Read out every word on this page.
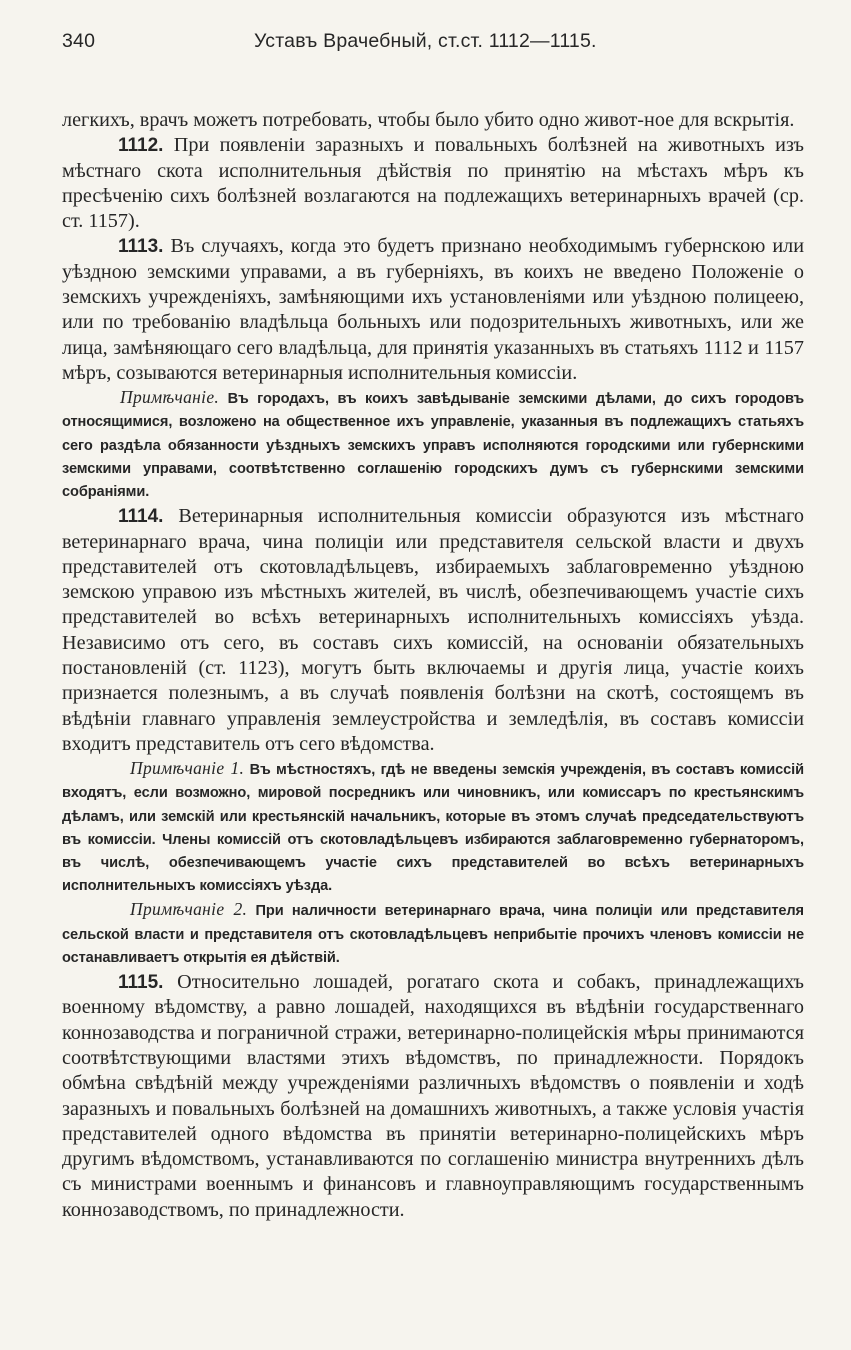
340	Уставъ Врачебный, ст.ст. 1112—1115.

легкихъ, врачъ можетъ потребовать, чтобы было убито одно живот-ное для вскрытія.

1112. При появленіи заразныхъ и повальныхъ болѣзней на животныхъ изъ мѣстнаго скота исполнительныя дѣйствія по принятію на мѣстахъ мѣръ къ пресѣченію сихъ болѣзней возлагаются на подлежащихъ ветеринарныхъ врачей (ср. ст. 1157).

1113. Въ случаяхъ, когда это будетъ признано необходимымъ губернскою или уѣздною земскими управами, а въ губерніяхъ, въ коихъ не введено Положеніе о земскихъ учрежденіяхъ, замѣняющими ихъ установленіями или уѣздною полицеею, или по требованію владѣльца больныхъ или подозрительныхъ животныхъ, или же лица, замѣняющаго сего владѣльца, для принятія указанныхъ въ статьяхъ 1112 и 1157 мѣръ, созываются ветеринарныя исполнительныя комиссіи.

Примѣчаніе. Въ городахъ, въ коихъ завѣдываніе земскими дѣлами, до сихъ городовъ относящимися, возложено на общественное ихъ управленіе, указанныя въ подлежащихъ статьяхъ сего раздѣла обязанности уѣздныхъ земскихъ управъ исполняются городскими или губернскими земскими управами, соотвѣтственно соглашенію городскихъ думъ съ губернскими земскими собраніями.

1114. Ветеринарныя исполнительныя комиссіи образуются изъ мѣстнаго ветеринарнаго врача, чина полиціи или представителя сельской власти и двухъ представителей отъ скотовладѣльцевъ, избираемыхъ заблаговременно уѣздною земскою управою изъ мѣстныхъ жителей, въ числѣ, обезпечивающемъ участіе сихъ представителей во всѣхъ ветеринарныхъ исполнительныхъ комиссіяхъ уѣзда. Независимо отъ сего, въ составъ сихъ комиссій, на основаніи обязательныхъ постановленій (ст. 1123), могутъ быть включаемы и другія лица, участіе коихъ признается полезнымъ, а въ случаѣ появленія болѣзни на скотѣ, состоящемъ въ вѣдѣніи главнаго управленія землеустройства и земледѣлія, въ составъ комиссіи входитъ представитель отъ сего вѣдомства.

Примѣчаніе 1. Въ мѣстностяхъ, гдѣ не введены земскія учрежденія, въ составъ комиссій входятъ, если возможно, мировой посредникъ или чиновникъ, или комиссаръ по крестьянскимъ дѣламъ, или земскій или крестьянскій начальникъ, которые въ этомъ случаѣ председательствуютъ въ комиссіи. Члены комиссій отъ скотовладѣльцевъ избираются заблаговременно губернаторомъ, въ числѣ, обезпечивающемъ участіе сихъ представителей во всѣхъ ветеринарныхъ исполнительныхъ комиссіяхъ уѣзда.

Примѣчаніе 2. При наличности ветеринарнаго врача, чина полиціи или представителя сельской власти и представителя отъ скотовладѣльцевъ неприбытіе прочихъ членовъ комиссіи не останавливаетъ открытія ея дѣйствій.

1115. Относительно лошадей, рогатаго скота и собакъ, принадлежащихъ военному вѣдомству, а равно лошадей, находящихся въ вѣдѣніи государственнаго коннозаводства и пограничной стражи, ветеринарно-полицейскія мѣры принимаются соотвѣтствующими властями этихъ вѣдомствъ, по принадлежности. Порядокъ обмѣна свѣдѣній между учрежденіями различныхъ вѣдомствъ о появленіи и ходѣ заразныхъ и повальныхъ болѣзней на домашнихъ животныхъ, а также условія участія представителей одного вѣдомства въ принятіи ветеринарно-полицейскихъ мѣръ другимъ вѣдомствомъ, устанавливаются по соглашенію министра внутреннихъ дѣлъ съ министрами военнымъ и финансовъ и главноуправляющимъ государственнымъ коннозаводствомъ, по принадлежности.
